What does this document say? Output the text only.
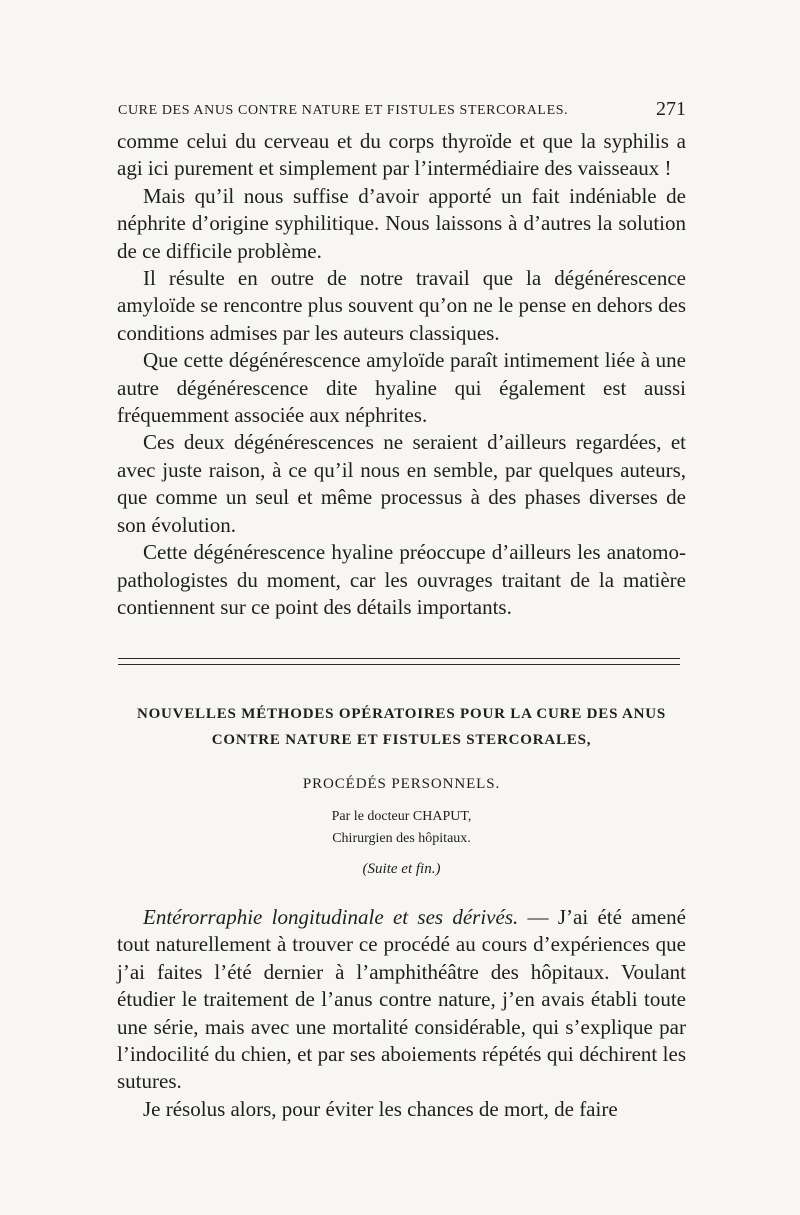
CURE DES ANUS CONTRE NATURE ET FISTULES STERCORALES.	271

comme celui du cerveau et du corps thyroïde et que la syphilis a agi ici purement et simplement par l’intermédiaire des vaisseaux !

Mais qu’il nous suffise d’avoir apporté un fait indéniable de néphrite d’origine syphilitique. Nous laissons à d’autres la solution de ce difficile problème.

Il résulte en outre de notre travail que la dégénérescence amyloïde se rencontre plus souvent qu’on ne le pense en dehors des conditions admises par les auteurs classiques.

Que cette dégénérescence amyloïde paraît intimement liée à une autre dégénérescence dite hyaline qui également est aussi fréquemment associée aux néphrites.

Ces deux dégénérescences ne seraient d’ailleurs regardées, et avec juste raison, à ce qu’il nous en semble, par quelques auteurs, que comme un seul et même processus à des phases diverses de son évolution.

Cette dégénérescence hyaline préoccupe d’ailleurs les anatomo-pathologistes du moment, car les ouvrages traitant de la matière contiennent sur ce point des détails importants.

NOUVELLES MÉTHODES OPÉRATOIRES POUR LA CURE DES ANUS
CONTRE NATURE ET FISTULES STERCORALES,
PROCÉDÉS PERSONNELS.
Par le docteur CHAPUT,
Chirurgien des hôpitaux.
(Suite et fin.)

Entérorraphie longitudinale et ses dérivés. — J’ai été amené tout naturellement à trouver ce procédé au cours d’expériences que j’ai faites l’été dernier à l’amphithéâtre des hôpitaux. Voulant étudier le traitement de l’anus contre nature, j’en avais établi toute une série, mais avec une mortalité considérable, qui s’explique par l’indocilité du chien, et par ses aboiements répétés qui déchirent les sutures.

Je résolus alors, pour éviter les chances de mort, de faire
